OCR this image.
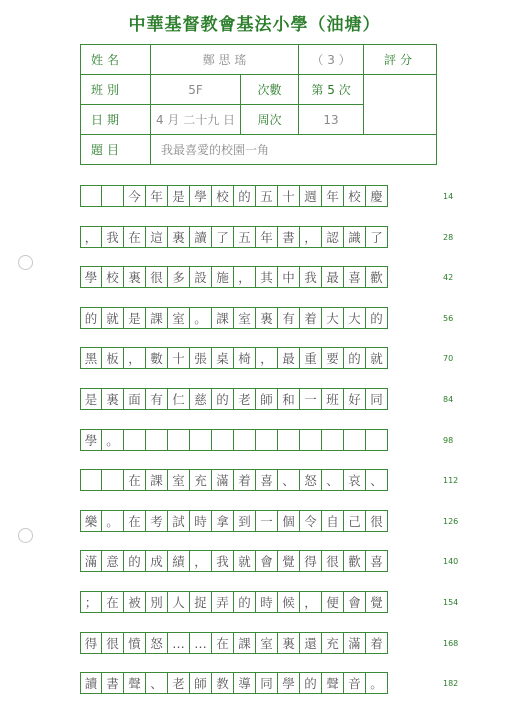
中華基督教會基法小學（油塘）
姓名	鄭 思 瑤		（ 3 ）	評分
班別	5F	次數	第 5 次	
日期	4 月 二十九 日	周次	13	
題目	我最喜愛的校園一角			
今 年 是 學 校 的 五 十 週 年 校 慶	14
， 我 在 這 裏 讀 了 五 年 書 ， 認 識 了	28
學 校 裏 很 多 設 施 ， 其 中 我 最 喜 歡	42
的 就 是 課 室 。 課 室 裏 有 着 大 大 的	56
黑 板 ， 數 十 張 桌 椅 ， 最 重 要 的 就	70
是 裏 面 有 仁 慈 的 老 師 和 一 班 好 同	84
學 。	98
在 課 室 充 滿 着 喜 、 怒 、 哀 、	112
樂 。 在 考 試 時 拿 到 一 個 令 自 己 很	126
滿 意 的 成 績 ， 我 就 會 覺 得 很 歡 喜	140
； 在 被 別 人 捉 弄 的 時 候 ， 便 會 覺	154
得 很 憤 怒 … … 在 課 室 裏 還 充 滿 着	168
讀 書 聲 、 老 師 教 導 同 學 的 聲 音 。	182
